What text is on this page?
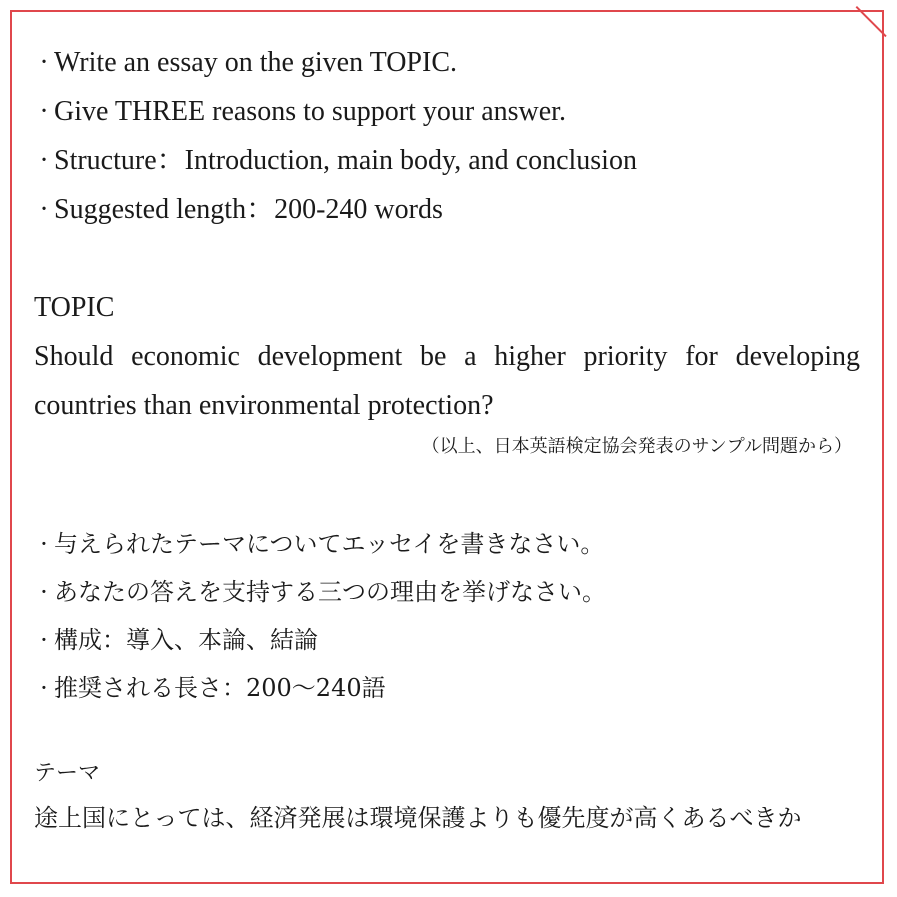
· Write an essay on the given TOPIC.
· Give THREE reasons to support your answer.
· Structure：Introduction, main body, and conclusion
· Suggested length：200-240 words
TOPIC
Should economic development be a higher priority for developing countries than environmental protection?
（以上、日本英語検定協会発表のサンプル問題から）
· 与えられたテーマについてエッセイを書きなさい。
· あなたの答えを支持する三つの理由を挙げなさい。
· 構成：導入、本論、結論
· 推奨される長さ：200〜240語
テーマ
途上国にとっては、経済発展は環境保護よりも優先度が高くあるべきか
